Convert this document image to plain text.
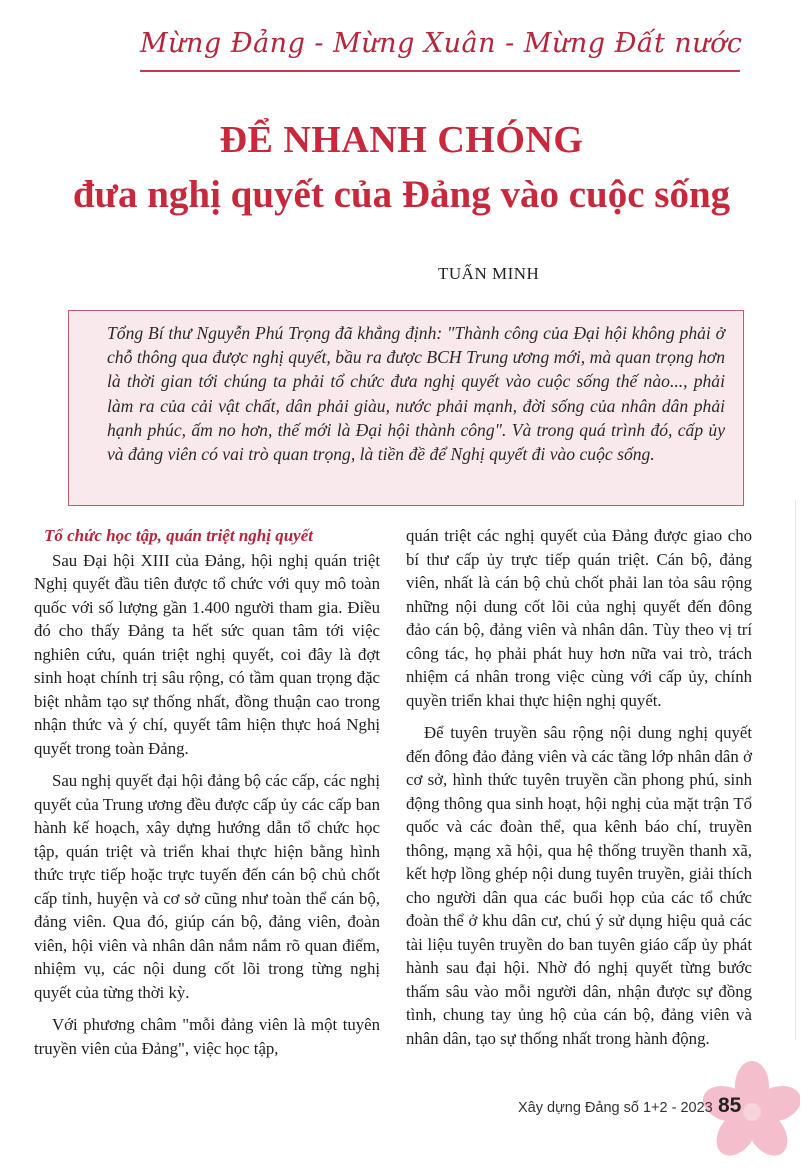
Mừng Đảng - Mừng Xuân - Mừng Đất nước
ĐỂ NHANH CHÓNG
đưa nghị quyết của Đảng vào cuộc sống
TUẤN MINH

Tổng Bí thư Nguyễn Phú Trọng đã khẳng định: "Thành công của Đại hội không phải ở chỗ thông qua được nghị quyết, bầu ra được BCH Trung ương mới, mà quan trọng hơn là thời gian tới chúng ta phải tổ chức đưa nghị quyết vào cuộc sống thế nào..., phải làm ra của cải vật chất, dân phải giàu, nước phải mạnh, đời sống của nhân dân phải hạnh phúc, ấm no hơn, thế mới là Đại hội thành công". Và trong quá trình đó, cấp ủy và đảng viên có vai trò quan trọng, là tiền đề để Nghị quyết đi vào cuộc sống.

Tổ chức học tập, quán triệt nghị quyết

Sau Đại hội XIII của Đảng, hội nghị quán triệt Nghị quyết đầu tiên được tổ chức với quy mô toàn quốc với số lượng gần 1.400 người tham gia. Điều đó cho thấy Đảng ta hết sức quan tâm tới việc nghiên cứu, quán triệt nghị quyết, coi đây là đợt sinh hoạt chính trị sâu rộng, có tầm quan trọng đặc biệt nhằm tạo sự thống nhất, đồng thuận cao trong nhận thức và ý chí, quyết tâm hiện thực hoá Nghị quyết trong toàn Đảng.

Sau nghị quyết đại hội đảng bộ các cấp, các nghị quyết của Trung ương đều được cấp ủy các cấp ban hành kế hoạch, xây dựng hướng dẫn tổ chức học tập, quán triệt và triển khai thực hiện bằng hình thức trực tiếp hoặc trực tuyến đến cán bộ chủ chốt cấp tỉnh, huyện và cơ sở cũng như toàn thể cán bộ, đảng viên. Qua đó, giúp cán bộ, đảng viên, đoàn viên, hội viên và nhân dân nắm nắm rõ quan điểm, nhiệm vụ, các nội dung cốt lõi trong từng nghị quyết của từng thời kỳ.

Với phương châm "mỗi đảng viên là một tuyên truyền viên của Đảng", việc học tập,

quán triệt các nghị quyết của Đảng được giao cho bí thư cấp ủy trực tiếp quán triệt. Cán bộ, đảng viên, nhất là cán bộ chủ chốt phải lan tỏa sâu rộng những nội dung cốt lõi của nghị quyết đến đông đảo cán bộ, đảng viên và nhân dân. Tùy theo vị trí công tác, họ phải phát huy hơn nữa vai trò, trách nhiệm cá nhân trong việc cùng với cấp ủy, chính quyền triển khai thực hiện nghị quyết.

Để tuyên truyền sâu rộng nội dung nghị quyết đến đông đảo đảng viên và các tầng lớp nhân dân ở cơ sở, hình thức tuyên truyền cần phong phú, sinh động thông qua sinh hoạt, hội nghị của mặt trận Tổ quốc và các đoàn thể, qua kênh báo chí, truyền thông, mạng xã hội, qua hệ thống truyền thanh xã, kết hợp lồng ghép nội dung tuyên truyền, giải thích cho người dân qua các buổi họp của các tổ chức đoàn thể ở khu dân cư, chú ý sử dụng hiệu quả các tài liệu tuyên truyền do ban tuyên giáo cấp ủy phát hành sau đại hội. Nhờ đó nghị quyết từng bước thấm sâu vào mỗi người dân, nhận được sự đồng tình, chung tay ủng hộ của cán bộ, đảng viên và nhân dân, tạo sự thống nhất trong hành động.

Xây dựng Đảng số 1+2 - 2023 85
